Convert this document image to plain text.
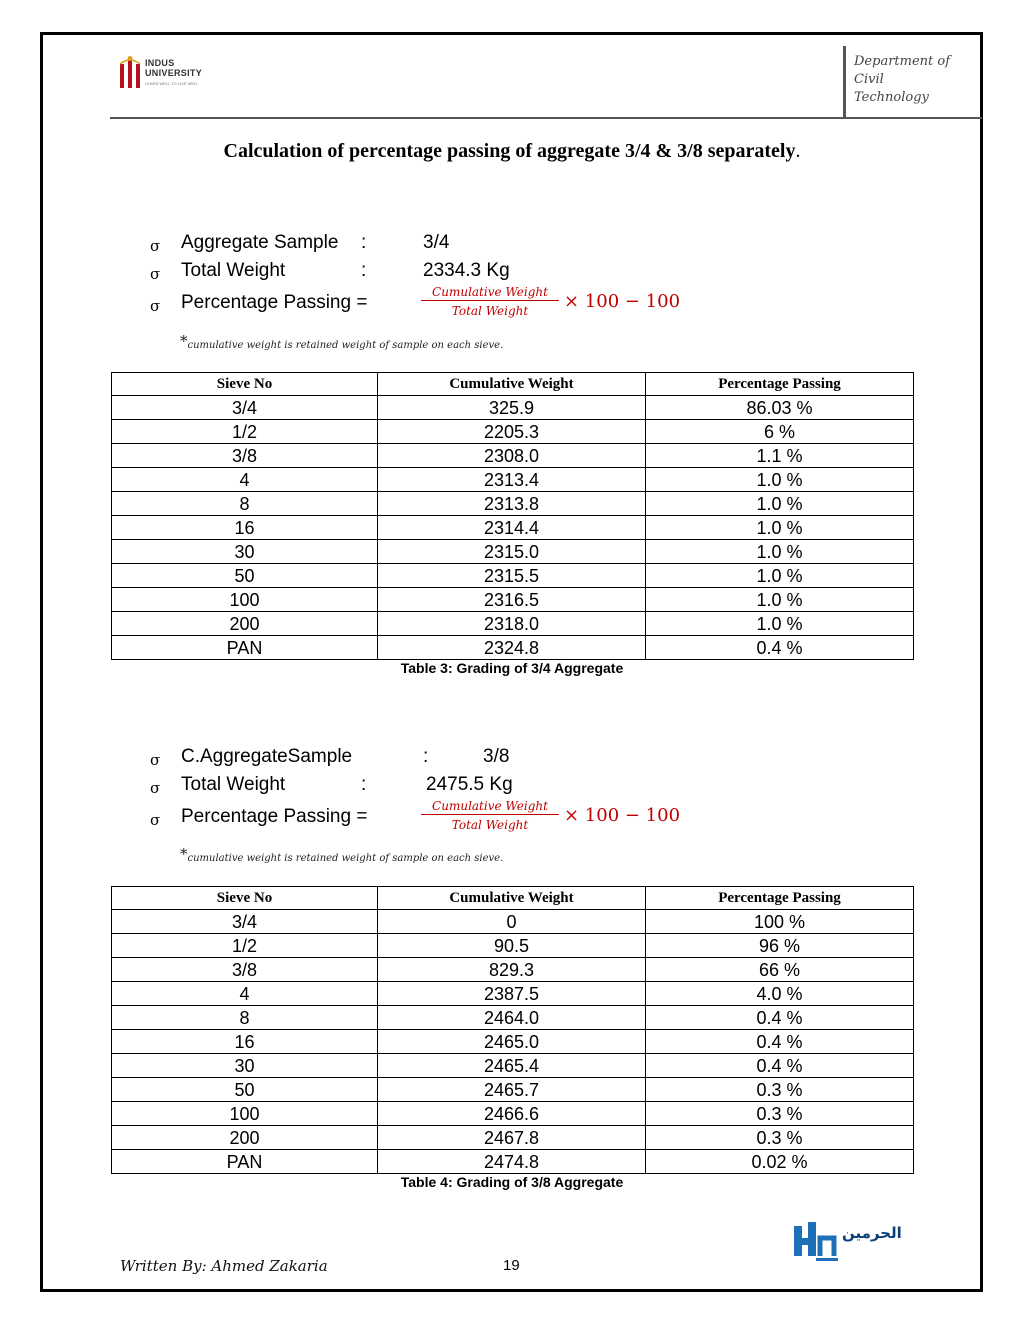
INDUS
UNIVERSITY
LEARN WELL TO LIVE WELL
Department of
Civil
Technology
Calculation of percentage passing of aggregate 3/4 & 3/8 separately.
σ Aggregate Sample :	3/4
σ Total Weight	:	2334.3 Kg
σ Percentage Passing =	Cumulative Weight
Total Weight	× 100 − 100
*cumulative weight is retained weight of sample on each sieve.
Sieve No	Cumulative Weight	Percentage Passing
3/4	325.9	86.03 %
1/2	2205.3	6 %
3/8	2308.0	1.1 %
4	2313.4	1.0 %
8	2313.8	1.0 %
16	2314.4	1.0 %
30	2315.0	1.0 %
50	2315.5	1.0 %
100	2316.5	1.0 %
200	2318.0	1.0 %
PAN	2324.8	0.4 %
Table 3: Grading of 3/4 Aggregate
σ C.AggregateSample	:	3/8
σ Total Weight	:	2475.5 Kg
σ Percentage Passing =	Cumulative Weight
Total Weight	× 100 − 100
*cumulative weight is retained weight of sample on each sieve.
Sieve No	Cumulative Weight	Percentage Passing
3/4	0	100 %
1/2	90.5	96 %
3/8	829.3	66 %
4	2387.5	4.0 %
8	2464.0	0.4 %
16	2465.0	0.4 %
30	2465.4	0.4 %
50	2465.7	0.3 %
100	2466.6	0.3 %
200	2467.8	0.3 %
PAN	2474.8	0.02 %
Table 4: Grading of 3/8 Aggregate
Written By: Ahmed Zakaria	19
الحرمين
